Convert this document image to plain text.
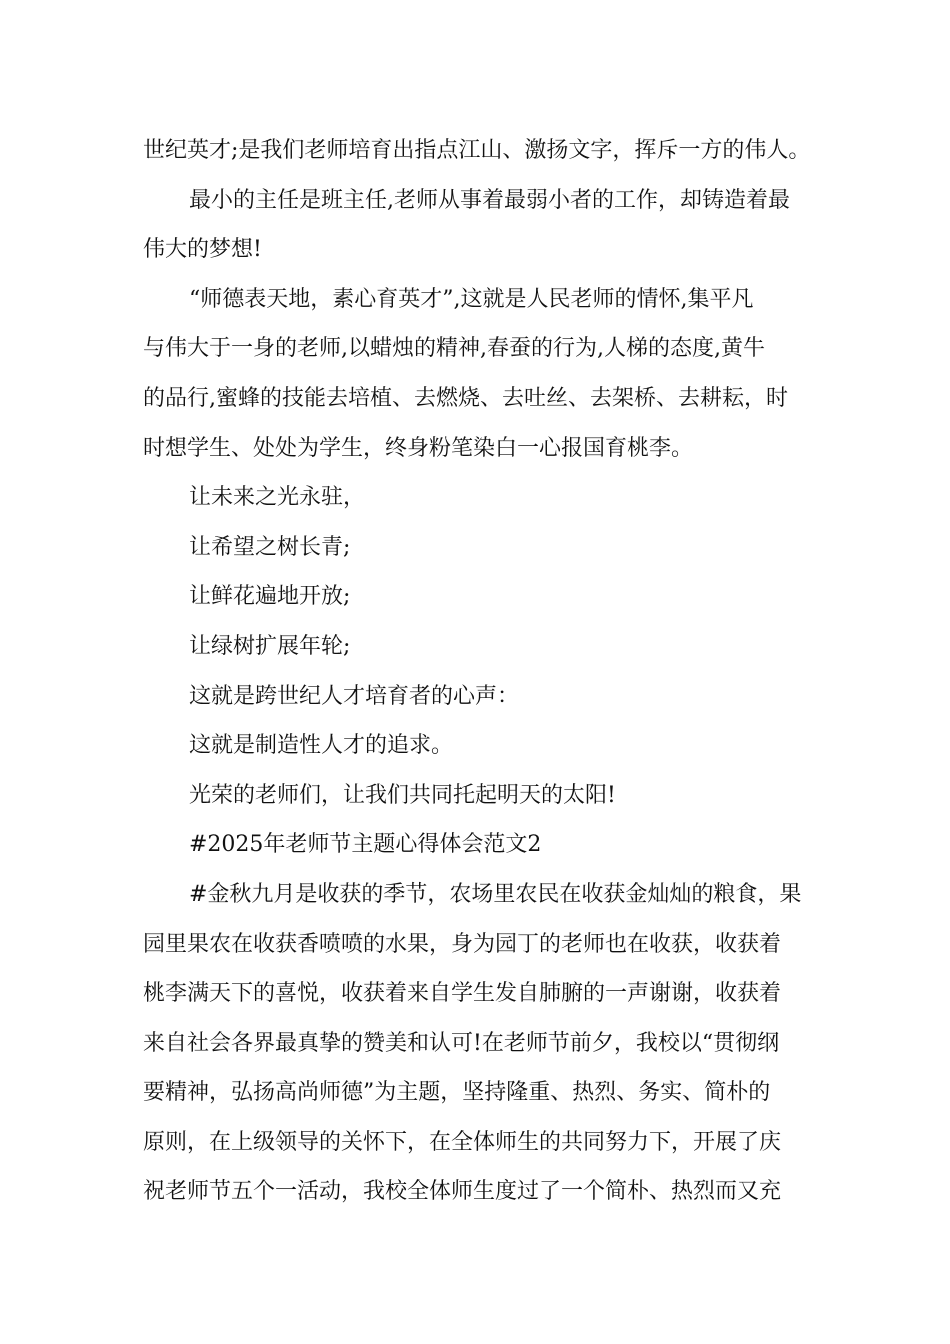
世纪英才;是我们老师培育出指点江山、激扬文字，挥斥一方的伟人。
最小的主任是班主任,老师从事着最弱小者的工作，却铸造着最
伟大的梦想!
“师德表天地，素心育英才”,这就是人民老师的情怀,集平凡
与伟大于一身的老师,以蜡烛的精神,春蚕的行为,人梯的态度,黄牛
的品行,蜜蜂的技能去培植、去燃烧、去吐丝、去架桥、去耕耘，时
时想学生、处处为学生，终身粉笔染白一心报国育桃李。
让未来之光永驻，
让希望之树长青;
让鲜花遍地开放;
让绿树扩展年轮;
这就是跨世纪人才培育者的心声：
这就是制造性人才的追求。
光荣的老师们，让我们共同托起明天的太阳!
#2025年老师节主题心得体会范文2
#金秋九月是收获的季节，农场里农民在收获金灿灿的粮食，果
园里果农在收获香喷喷的水果，身为园丁的老师也在收获，收获着
桃李满天下的喜悦，收获着来自学生发自肺腑的一声谢谢，收获着
来自社会各界最真挚的赞美和认可!在老师节前夕，我校以“贯彻纲
要精神，弘扬高尚师德”为主题，坚持隆重、热烈、务实、简朴的
原则，在上级领导的关怀下，在全体师生的共同努力下，开展了庆
祝老师节五个一活动，我校全体师生度过了一个简朴、热烈而又充
